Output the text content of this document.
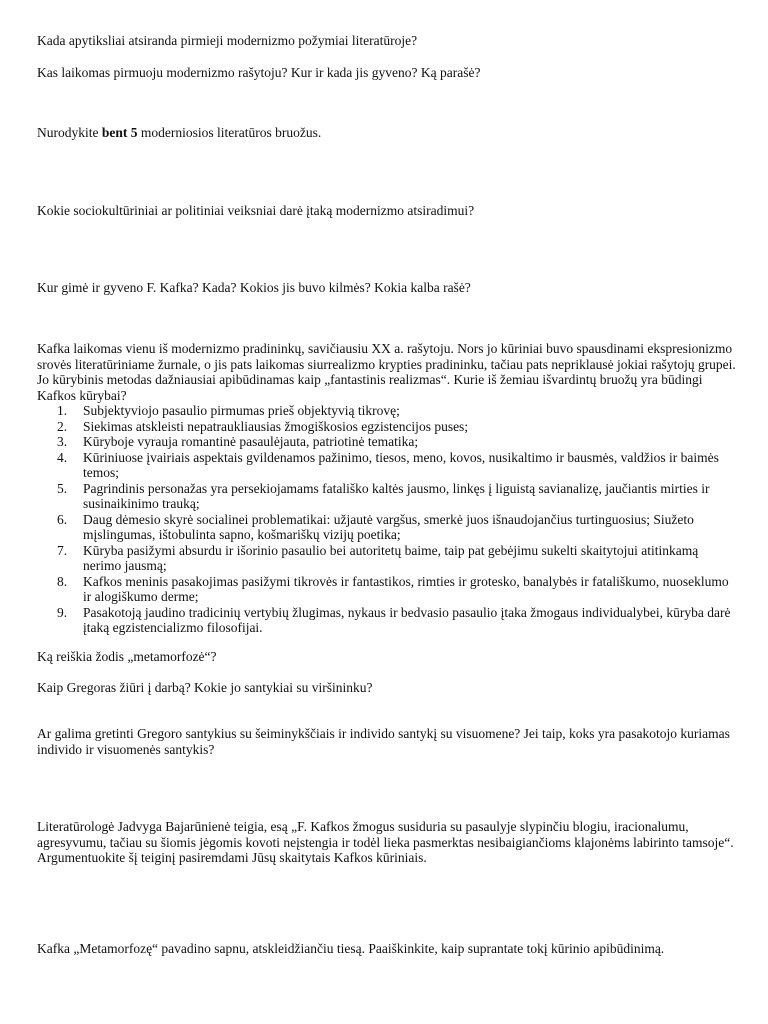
Kada apytiksliai atsiranda pirmieji modernizmo požymiai literatūroje?

Kas laikomas pirmuoju modernizmo rašytoju? Kur ir kada jis gyveno? Ką parašė?

Nurodykite bent 5 moderniosios literatūros bruožus.

Kokie sociokultūriniai ar politiniai veiksniai darė įtaką modernizmo atsiradimui?

Kur gimė ir gyveno F. Kafka? Kada? Kokios jis buvo kilmės? Kokia kalba rašė?

Kafka laikomas vienu iš modernizmo pradininkų, savičiausiu XX a. rašytoju. Nors jo kūriniai buvo spausdinami ekspresionizmo srovės literatūriniame žurnale, o jis pats laikomas siurrealizmo krypties pradininku, tačiau pats nepriklausė jokiai rašytojų grupei. Jo kūrybinis metodas dažniausiai apibūdinamas kaip „fantastinis realizmas“. Kurie iš žemiau išvardintų bruožų yra būdingi Kafkos kūrybai?

1. Subjektyviojo pasaulio pirmumas prieš objektyvią tikrovę;
2. Siekimas atskleisti nepatraukliausias žmogiškosios egzistencijos puses;
3. Kūryboje vyrauja romantinė pasaulėjauta, patriotinė tematika;
4. Kūriniuose įvairiais aspektais gvildenamos pažinimo, tiesos, meno, kovos, nusikaltimo ir bausmės, valdžios ir baimės temos;
5. Pagrindinis personažas yra persekiojamams fatališko kaltės jausmo, linkęs į liguistą savianalizę, jaučiantis mirties ir susinaikinimo trauką;
6. Daug dėmesio skyrė socialinei problematikai: užjautė vargšus, smerkė juos išnaudojančius turtinguosius; Siužeto mįslingumas, ištobulinta sapno, košmariškų vizijų poetika;
7. Kūryba pasižymi absurdu ir išorinio pasaulio bei autoritetų baime, taip pat gebėjimu sukelti skaitytojui atitinkamą nerimo jausmą;
8. Kafkos meninis pasakojimas pasižymi tikrovės ir fantastikos, rimties ir grotesko, banalybės ir fatališkumo, nuoseklumo ir alogiškumo derme;
9. Pasakotoją jaudino tradicinių vertybių žlugimas, nykaus ir bedvasio pasaulio įtaka žmogaus individualybei, kūryba darė įtaką egzistencializmo filosofijai.

Ką reiškia žodis „metamorfozė“?

Kaip Gregoras žiūri į darbą? Kokie jo santykiai su viršininku?

Ar galima gretinti Gregoro santykius su šeiminykščiais ir individo santykį su visuomene? Jei taip, koks yra pasakotojo kuriamas individo ir visuomenės santykis?

Literatūrologė Jadvyga Bajarūnienė teigia, esą „F. Kafkos žmogus susiduria su pasaulyje slypinčiu blogiu, iracionalumu, agresyvumu, tačiau su šiomis jėgomis kovoti neįstengia ir todėl lieka pasmerktas nesibaigiančioms klajonėms labirinto tamsoje“. Argumentuokite šį teiginį pasiremdami Jūsų skaitytais Kafkos kūriniais.

Kafka „Metamorfozę“ pavadino sapnu, atskleidžiančiu tiesą. Paaiškinkite, kaip suprantate tokį kūrinio apibūdinimą.
